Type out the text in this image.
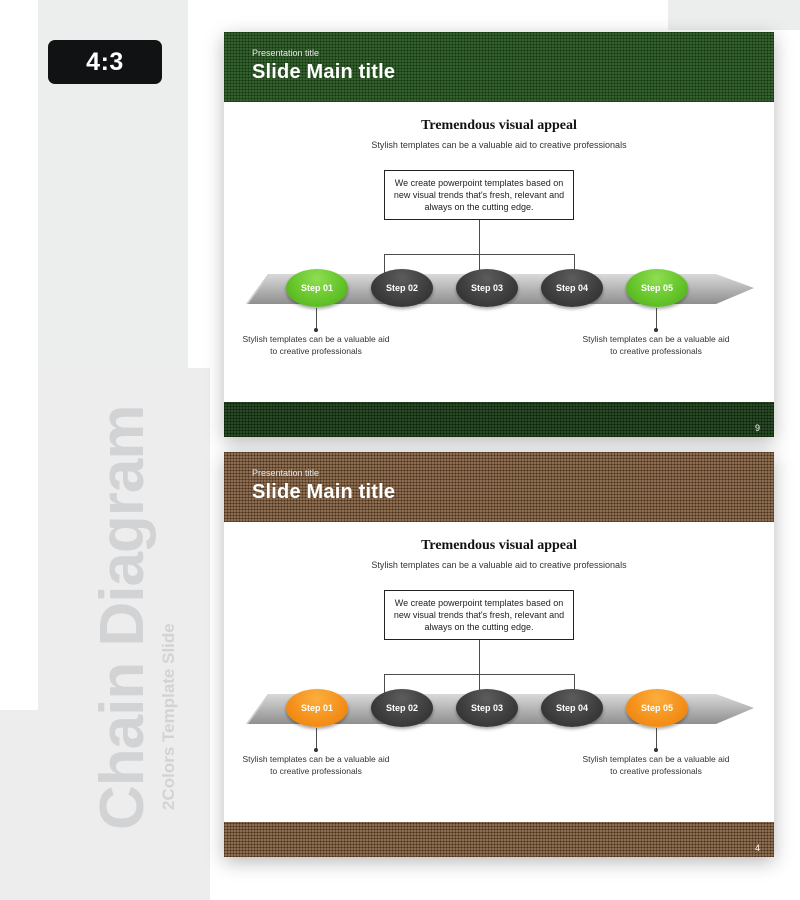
4:3
Chain Diagram 2Colors Template Slide
Presentation title
Slide Main title
Tremendous visual appeal
Stylish templates can be a valuable aid to creative professionals
We create powerpoint templates based on new visual trends that's fresh, relevant and always on the cutting edge.
Step 01	Step 02	Step 03	Step 04	Step 05
Stylish templates can be a valuable aid to creative professionals
Stylish templates can be a valuable aid to creative professionals
9
Presentation title
Slide Main title
Tremendous visual appeal
Stylish templates can be a valuable aid to creative professionals
We create powerpoint templates based on new visual trends that's fresh, relevant and always on the cutting edge.
Step 01	Step 02	Step 03	Step 04	Step 05
Stylish templates can be a valuable aid to creative professionals
Stylish templates can be a valuable aid to creative professionals
4
